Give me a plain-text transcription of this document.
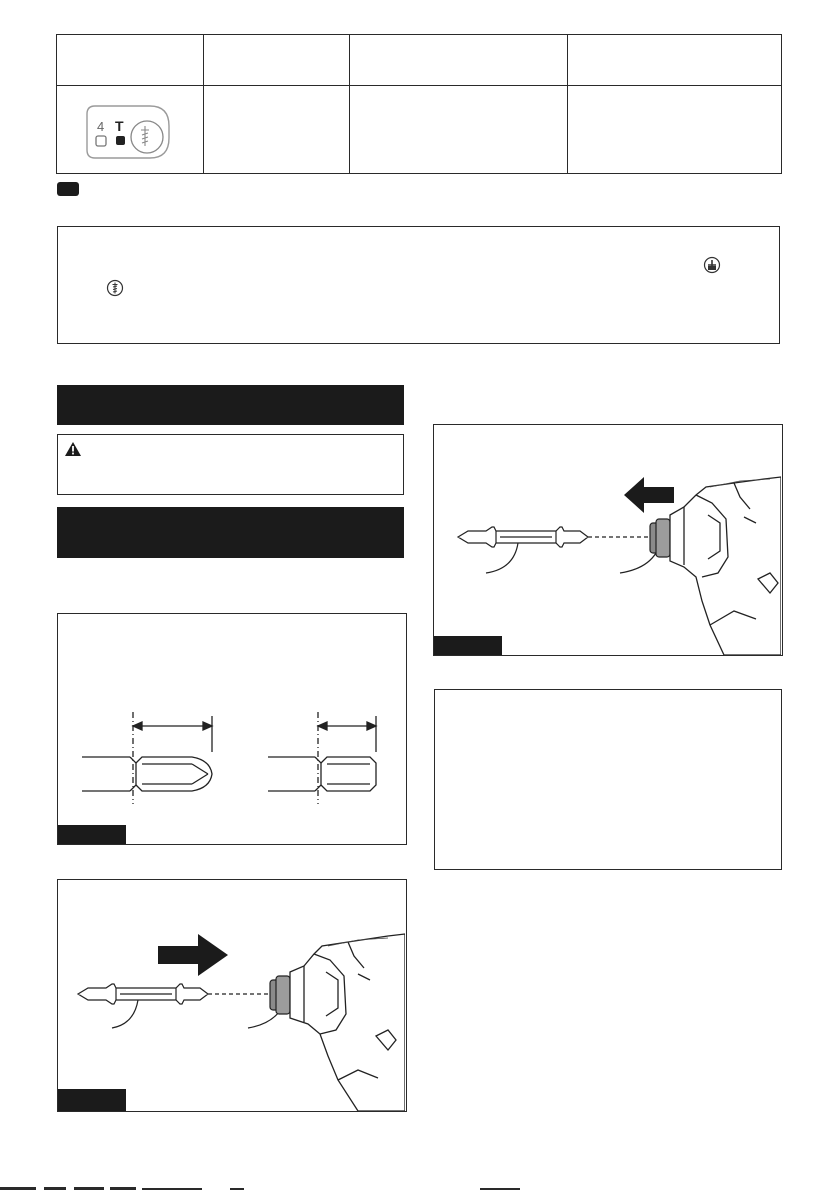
4 T			
